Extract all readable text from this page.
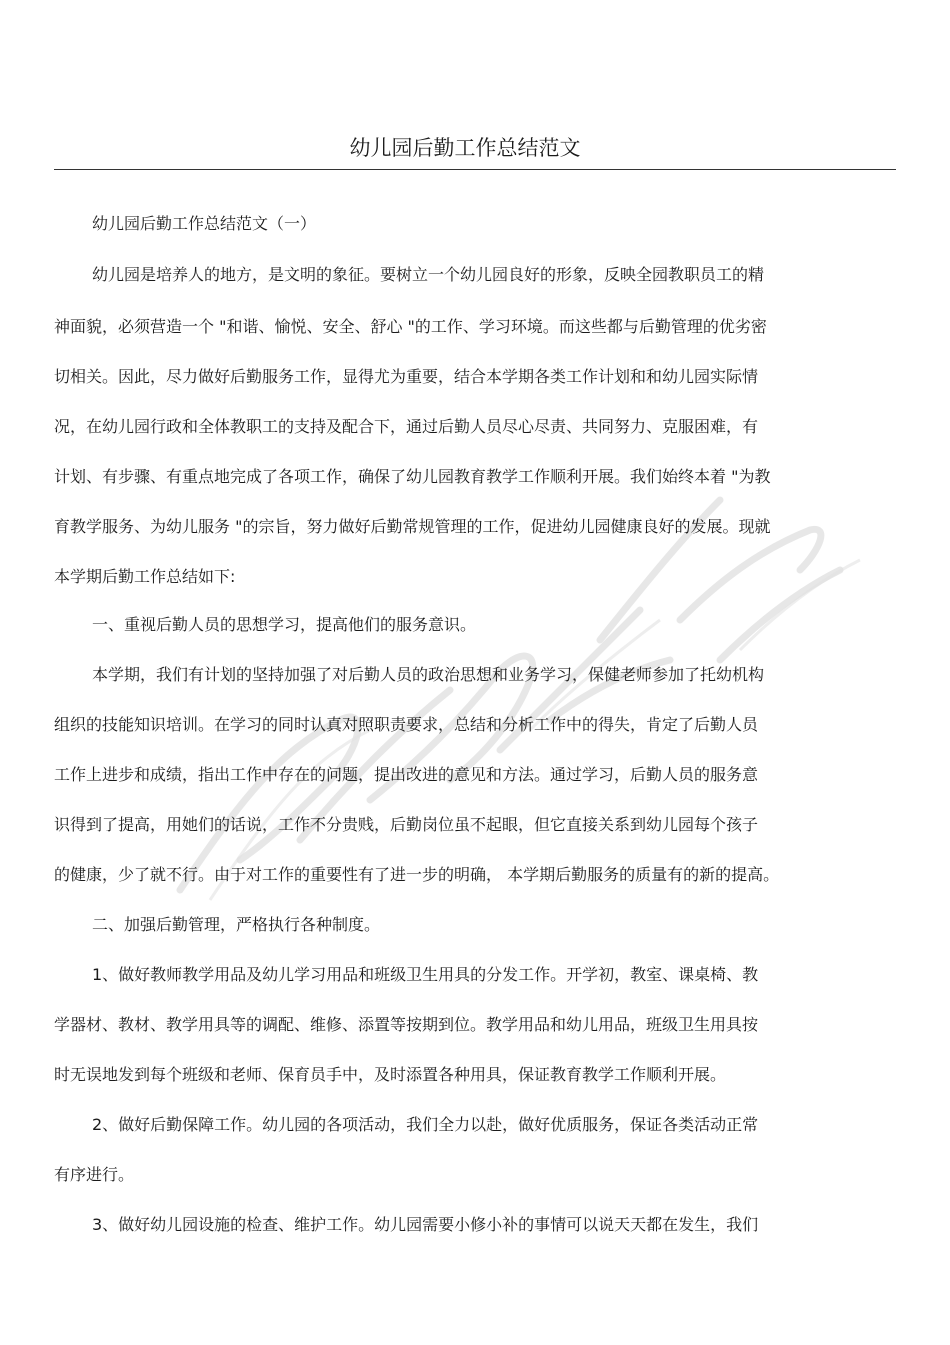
幼儿园后勤工作总结范文
幼儿园后勤工作总结范文（一）
幼儿园是培养人的地方，是文明的象征。要树立一个幼儿园良好的形象，反映全园教职员工的精
神面貌，必须营造一个 "和谐、愉悦、安全、舒心 "的工作、学习环境。而这些都与后勤管理的优劣密
切相关。因此，尽力做好后勤服务工作，显得尤为重要，结合本学期各类工作计划和和幼儿园实际情
况，在幼儿园行政和全体教职工的支持及配合下，通过后勤人员尽心尽责、共同努力、克服困难，有
计划、有步骤、有重点地完成了各项工作，确保了幼儿园教育教学工作顺利开展。我们始终本着 "为教
育教学服务、为幼儿服务 "的宗旨，努力做好后勤常规管理的工作，促进幼儿园健康良好的发展。现就
本学期后勤工作总结如下:
一、重视后勤人员的思想学习，提高他们的服务意识。
本学期，我们有计划的坚持加强了对后勤人员的政治思想和业务学习，保健老师参加了托幼机构
组织的技能知识培训。在学习的同时认真对照职责要求，总结和分析工作中的得失，肯定了后勤人员
工作上进步和成绩，指出工作中存在的问题，提出改进的意见和方法。通过学习，后勤人员的服务意
识得到了提高，用她们的话说，工作不分贵贱，后勤岗位虽不起眼，但它直接关系到幼儿园每个孩子
的健康，少了就不行。由于对工作的重要性有了进一步的明确， 本学期后勤服务的质量有的新的提高。
二、加强后勤管理，严格执行各种制度。
1、做好教师教学用品及幼儿学习用品和班级卫生用具的分发工作。开学初，教室、课桌椅、教
学器材、教材、教学用具等的调配、维修、添置等按期到位。教学用品和幼儿用品，班级卫生用具按
时无误地发到每个班级和老师、保育员手中，及时添置各种用具，保证教育教学工作顺利开展。
2、做好后勤保障工作。幼儿园的各项活动，我们全力以赴，做好优质服务，保证各类活动正常
有序进行。
3、做好幼儿园设施的检查、维护工作。幼儿园需要小修小补的事情可以说天天都在发生，我们
